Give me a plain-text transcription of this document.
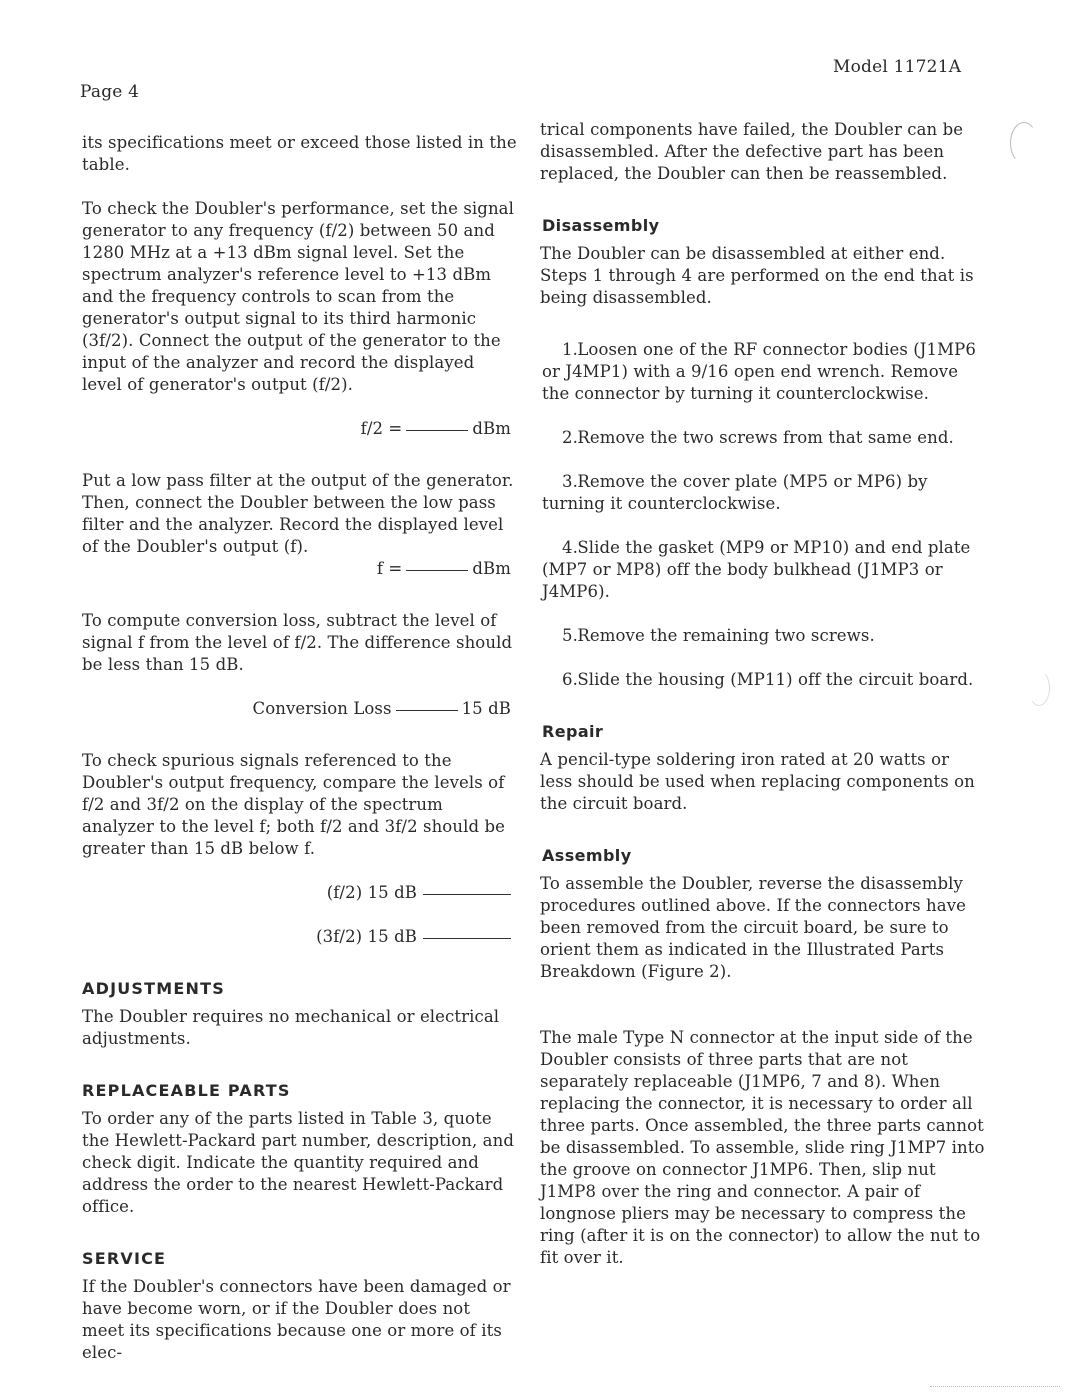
Page 4
Model 11721A

its specifications meet or exceed those listed in the table.

To check the Doubler's performance, set the signal generator to any frequency (f/2) between 50 and 1280 MHz at a +13 dBm signal level. Set the spectrum analyzer's reference level to +13 dBm and the frequency controls to scan from the generator's output signal to its third harmonic (3f/2). Connect the output of the generator to the input of the analyzer and record the displayed level of generator's output (f/2).

f/2 =	dBm

Put a low pass filter at the output of the generator. Then, connect the Doubler between the low pass filter and the analyzer. Record the displayed level of the Doubler's output (f).

f =	dBm

To compute conversion loss, subtract the level of signal f from the level of f/2. The difference should be less than 15 dB.

Conversion Loss	15 dB

To check spurious signals referenced to the Doubler's output frequency, compare the levels of f/2 and 3f/2 on the display of the spectrum analyzer to the level f; both f/2 and 3f/2 should be greater than 15 dB below f.

(f/2) 15 dB
(3f/2) 15 dB
ADJUSTMENTS

The Doubler requires no mechanical or electrical adjustments.

REPLACEABLE PARTS

To order any of the parts listed in Table 3, quote the Hewlett-Packard part number, description, and check digit. Indicate the quantity required and address the order to the nearest Hewlett-Packard office.

SERVICE

If the Doubler's connectors have been damaged or have become worn, or if the Doubler does not meet its specifications because one or more of its elec-

trical components have failed, the Doubler can be disassembled. After the defective part has been replaced, the Doubler can then be reassembled.

Disassembly

The Doubler can be disassembled at either end. Steps 1 through 4 are performed on the end that is being disassembled.

1. Loosen one of the RF connector bodies (J1MP6 or J4MP1) with a 9/16 open end wrench. Remove the connector by turning it counterclockwise.

2. Remove the two screws from that same end.

3. Remove the cover plate (MP5 or MP6) by turning it counterclockwise.

4. Slide the gasket (MP9 or MP10) and end plate (MP7 or MP8) off the body bulkhead (J1MP3 or J4MP6).

5. Remove the remaining two screws.

6. Slide the housing (MP11) off the circuit board.

Repair

A pencil-type soldering iron rated at 20 watts or less should be used when replacing components on the circuit board.

Assembly

To assemble the Doubler, reverse the disassembly procedures outlined above. If the connectors have been removed from the circuit board, be sure to orient them as indicated in the Illustrated Parts Breakdown (Figure 2).

The male Type N connector at the input side of the Doubler consists of three parts that are not separately replaceable (J1MP6, 7 and 8). When replacing the connector, it is necessary to order all three parts. Once assembled, the three parts cannot be disassembled. To assemble, slide ring J1MP7 into the groove on connector J1MP6. Then, slip nut J1MP8 over the ring and connector. A pair of longnose pliers may be necessary to compress the ring (after it is on the connector) to allow the nut to fit over it.
